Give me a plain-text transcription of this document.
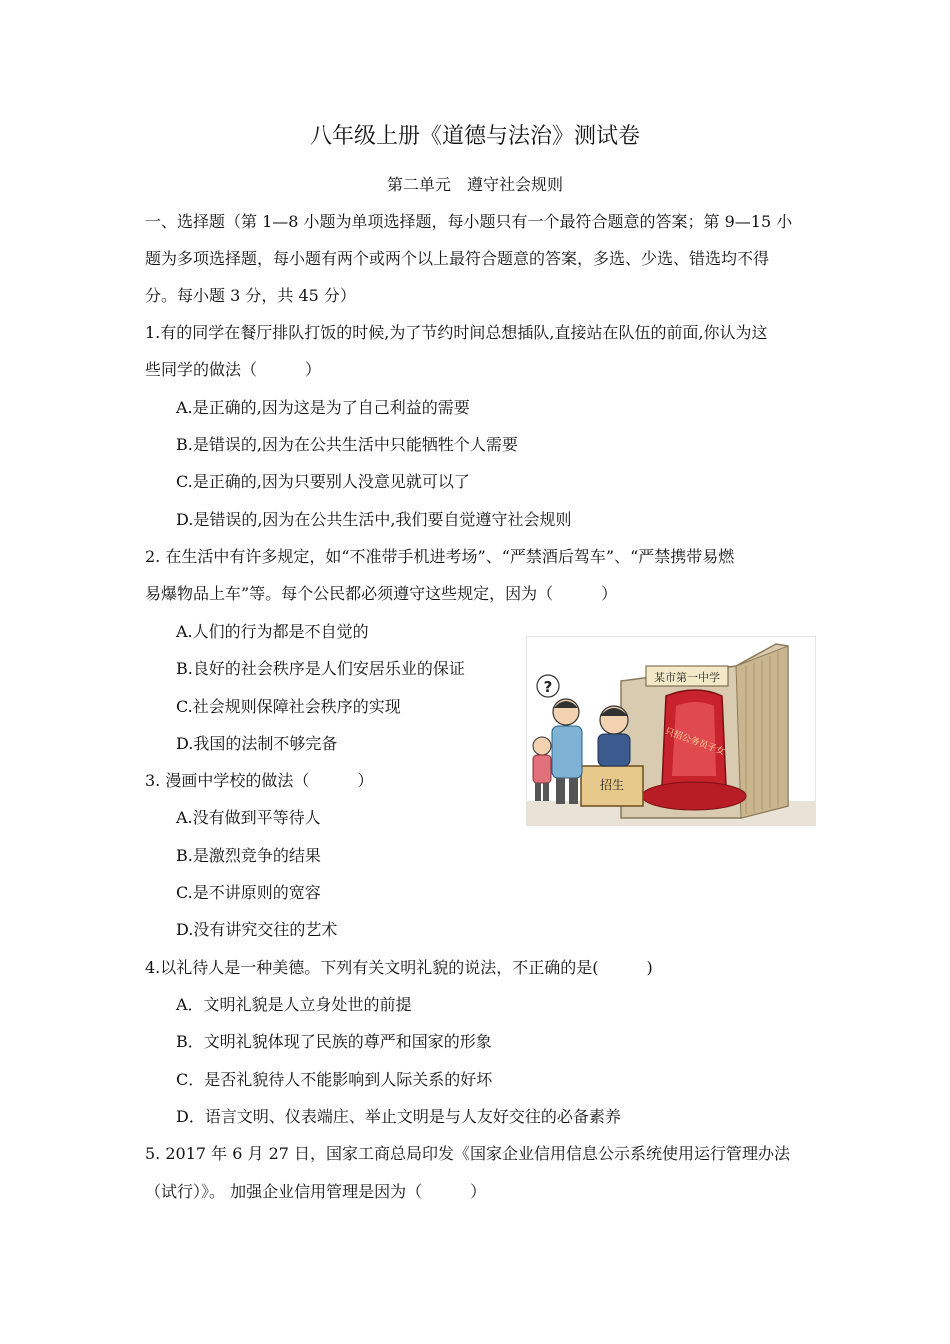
八年级上册《道德与法治》测试卷
第二单元　遵守社会规则
一、选择题（第 1—8 小题为单项选择题，每小题只有一个最符合题意的答案；第 9—15 小
题为多项选择题，每小题有两个或两个以上最符合题意的答案，多选、少选、错选均不得
分。每小题 3 分，共 45 分）
1.有的同学在餐厅排队打饭的时候,为了节约时间总想插队,直接站在队伍的前面,你认为这
些同学的做法（　　　）
A.是正确的,因为这是为了自己利益的需要
B.是错误的,因为在公共生活中只能牺牲个人需要
C.是正确的,因为只要别人没意见就可以了
D.是错误的,因为在公共生活中,我们要自觉遵守社会规则
2. 在生活中有许多规定，如“不准带手机进考场”、“严禁酒后驾车”、“严禁携带易燃
易爆物品上车”等。每个公民都必须遵守这些规定，因为（　　　）
A.人们的行为都是不自觉的
B.良好的社会秩序是人们安居乐业的保证
C.社会规则保障社会秩序的实现
D.我国的法制不够完备
3. 漫画中学校的做法（　　　）
A.没有做到平等待人
B.是激烈竞争的结果
C.是不讲原则的宽容
D.没有讲究交往的艺术
4.以礼待人是一种美德。下列有关文明礼貌的说法，不正确的是(　　　)
A．文明礼貌是人立身处世的前提
B．文明礼貌体现了民族的尊严和国家的形象
C．是否礼貌待人不能影响到人际关系的好坏
D．语言文明、仪表端庄、举止文明是与人友好交往的必备素养
5. 2017 年 6 月 27 日，国家工商总局印发《国家企业信用信息公示系统使用运行管理办法
（试行）》。 加强企业信用管理是因为（　　　）
某市第一中学
只招公务员子女
招生
?
